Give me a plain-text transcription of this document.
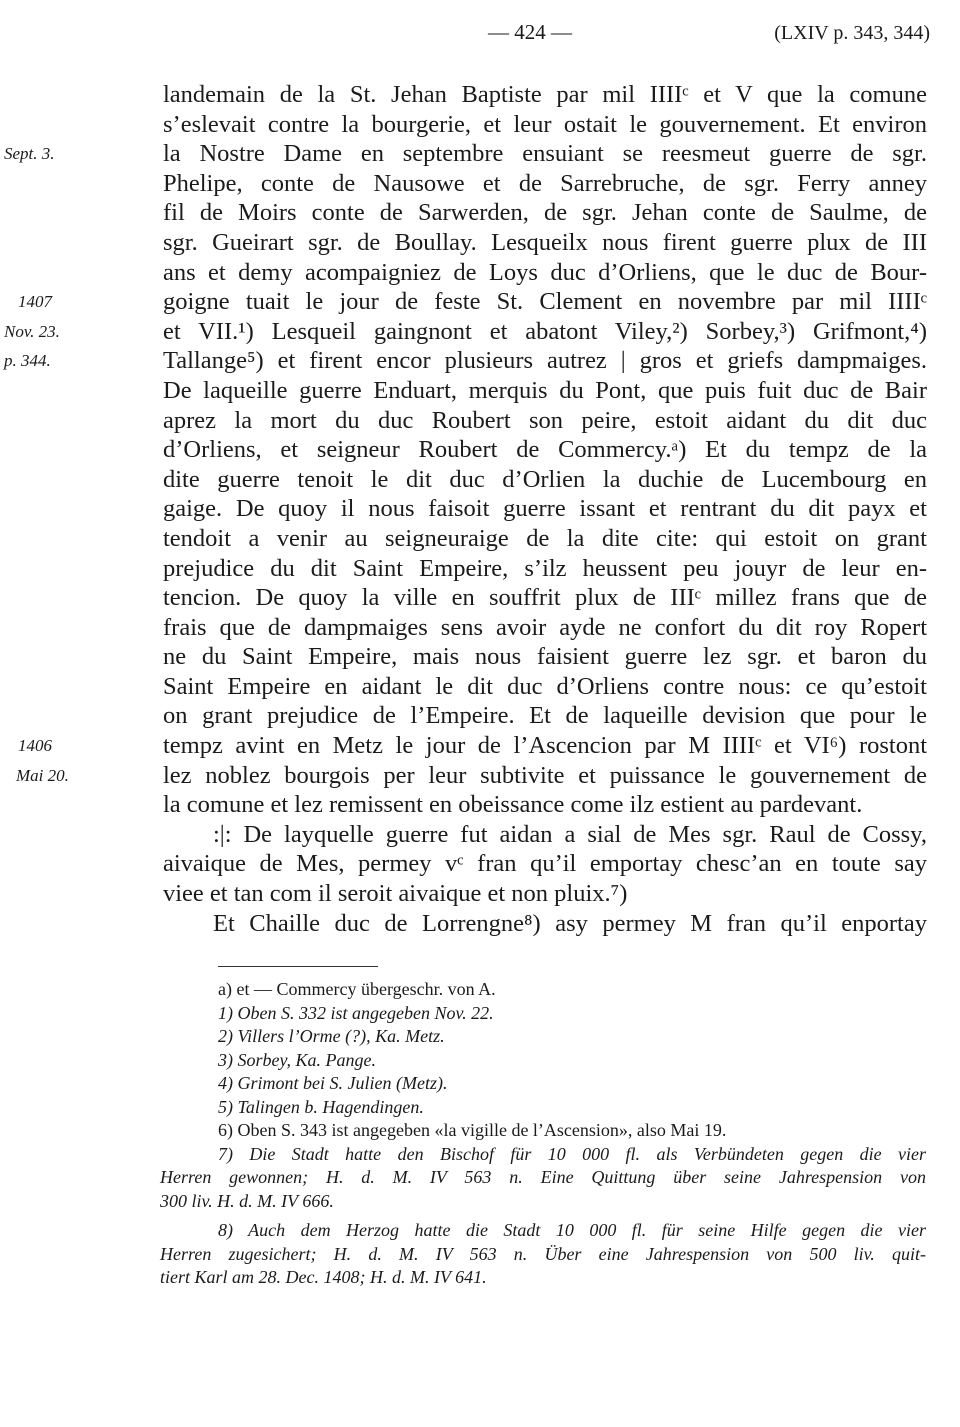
— 424 —	(LXIV p. 343, 344)
landemain de la St. Jehan Baptiste par mil IIIIᶜ et V que la comune
s’eslevait contre la bourgerie, et leur ostait le gouvernement. Et environ
Sept. 3.	la Nostre Dame en septembre ensuiant se reesmeut guerre de sgr.
Phelipe, conte de Nausowe et de Sarrebruche, de sgr. Ferry anney
fil de Moirs conte de Sarwerden, de sgr. Jehan conte de Saulme, de
sgr. Gueirart sgr. de Boullay. Lesqueilx nous firent guerre plux de III
ans et demy acompaigniez de Loys duc d’Orliens, que le duc de Bour-
1407	goigne tuait le jour de feste St. Clement en novembre par mil IIIIᶜ
Nov. 23.	et VII.¹) Lesqueil gaingnont et abatont Viley,²) Sorbey,³) Grifmont,⁴)
p. 344.	Tallange⁵) et firent encor plusieurs autrez | gros et griefs dampmaiges.
De laqueille guerre Enduart, merquis du Pont, que puis fuit duc de Bair
aprez la mort du duc Roubert son peire, estoit aidant du dit duc
d’Orliens, et seigneur Roubert de Commercy.ᵃ) Et du tempz de la
dite guerre tenoit le dit duc d’Orlien la duchie de Lucembourg en
gaige. De quoy il nous faisoit guerre issant et rentrant du dit payx et
tendoit a venir au seigneuraige de la dite cite: qui estoit on grant
prejudice du dit Saint Empeire, s’ilz heussent peu jouyr de leur en-
tencion. De quoy la ville en souffrit plux de IIIᶜ millez frans que de
frais que de dampmaiges sens avoir ayde ne confort du dit roy Ropert
ne du Saint Empeire, mais nous faisient guerre lez sgr. et baron du
Saint Empeire en aidant le dit duc d’Orliens contre nous: ce qu’estoit
on grant prejudice de l’Empeire. Et de laqueille devision que pour le
1406	tempz avint en Metz le jour de l’Ascencion par M IIIIᶜ et VI⁶) rostont
Mai 20.	lez noblez bourgois per leur subtivite et puissance le gouvernement de
la comune et lez remissent en obeissance come ilz estient au pardevant.
:|: De layquelle guerre fut aidan a sial de Mes sgr. Raul de Cossy,
aivaique de Mes, permey vᶜ fran qu’il emportay chesc’an en toute say
viee et tan com il seroit aivaique et non pluix.⁷)
Et Chaille duc de Lorrengne⁸) asy permey M fran qu’il enportay
a) et — Commercy übergeschr. von A.
1) Oben S. 332 ist angegeben Nov. 22.
2) Villers l’Orme (?), Ka. Metz.
3) Sorbey, Ka. Pange.
4) Grimont bei S. Julien (Metz).
5) Talingen b. Hagendingen.
6) Oben S. 343 ist angegeben «la vigille de l’Ascension», also Mai 19.
7) Die Stadt hatte den Bischof für 10 000 fl. als Verbündeten gegen die vier
Herren gewonnen; H. d. M. IV 563 n. Eine Quittung über seine Jahrespension von
300 liv. H. d. M. IV 666.
8) Auch dem Herzog hatte die Stadt 10 000 fl. für seine Hilfe gegen die vier
Herren zugesichert; H. d. M. IV 563 n. Über eine Jahrespension von 500 liv. quit-
tiert Karl am 28. Dec. 1408; H. d. M. IV 641.
